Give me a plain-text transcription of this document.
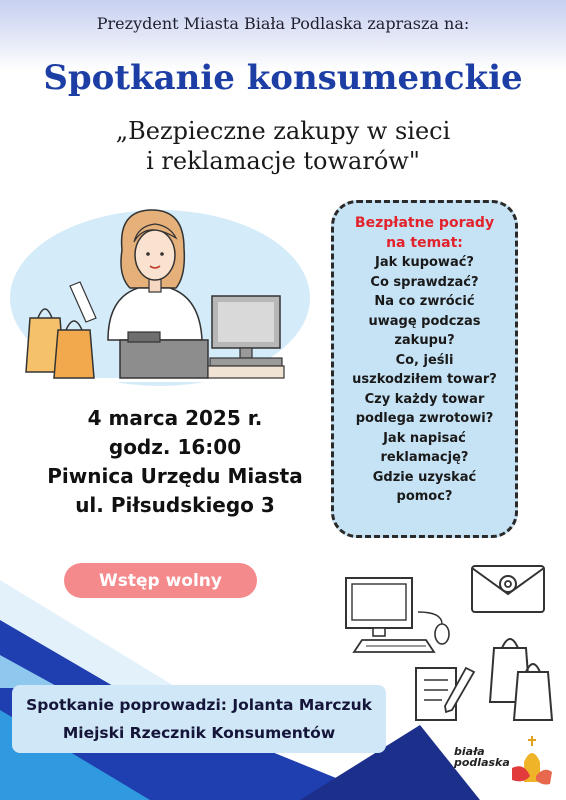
Prezydent Miasta Biała Podlaska zaprasza na:
Spotkanie konsumenckie
„Bezpieczne zakupy w sieci
i reklamacje towarów"
4 marca 2025 r.
godz. 16:00
Piwnica Urzędu Miasta
ul. Piłsudskiego 3
Bezpłatne porady
na temat:
Jak kupować?
Co sprawdzać?
Na co zwrócić
uwagę podczas
zakupu?
Co, jeśli
uszkodziłem towar?
Czy każdy towar
podlega zwrotowi?
Jak napisać
reklamację?
Gdzie uzyskać
pomoc?
Wstęp wolny
Spotkanie poprowadzi: Jolanta Marczuk
Miejski Rzecznik Konsumentów
biała
podlaska
